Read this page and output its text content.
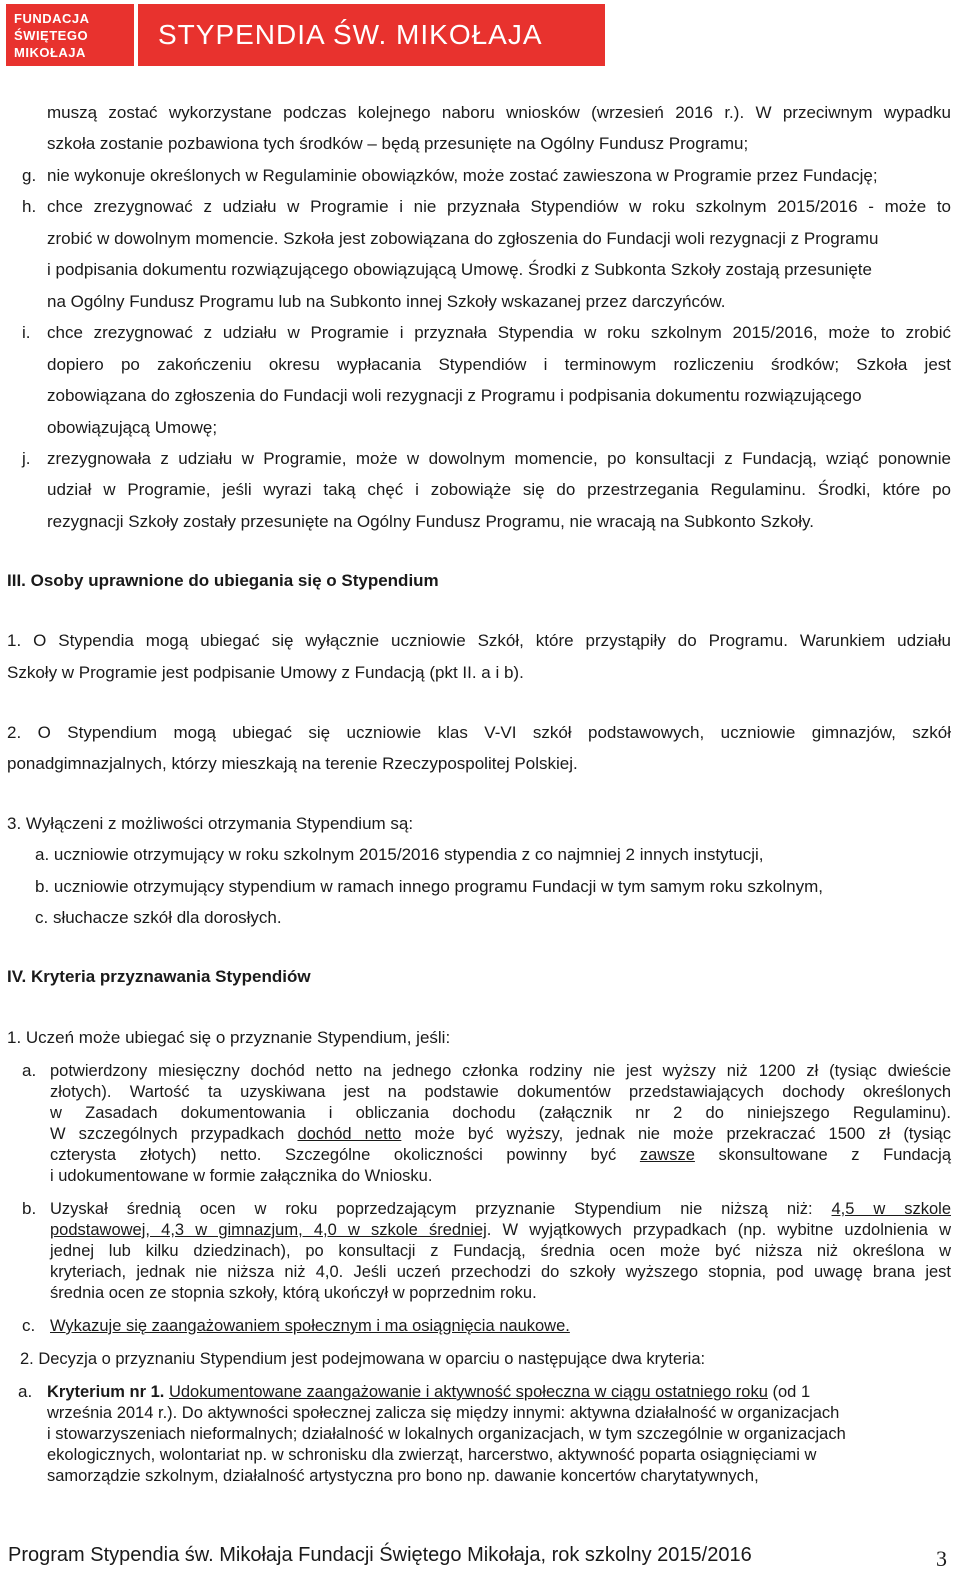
FUNDACJA
ŚWIĘTEGO
MIKOŁAJA
STYPENDIA ŚW. MIKOŁAJA
muszą zostać wykorzystane podczas kolejnego naboru wniosków (wrzesień 2016 r.). W przeciwnym wypadku
szkoła zostanie pozbawiona tych środków – będą przesunięte na Ogólny Fundusz Programu;
g. nie wykonuje określonych w Regulaminie obowiązków, może zostać zawieszona w Programie przez Fundację;
h. chce zrezygnować z udziału w Programie i nie przyznała Stypendiów w roku szkolnym 2015/2016 - może to
zrobić w dowolnym momencie. Szkoła jest zobowiązana do zgłoszenia do Fundacji woli rezygnacji z Programu
i podpisania dokumentu rozwiązującego obowiązującą Umowę. Środki z Subkonta Szkoły zostają przesunięte
na Ogólny Fundusz Programu lub na Subkonto innej Szkoły wskazanej przez darczyńców.
i. chce zrezygnować z udziału w Programie i przyznała Stypendia w roku szkolnym 2015/2016, może to zrobić
dopiero po zakończeniu okresu wypłacania Stypendiów i terminowym rozliczeniu środków; Szkoła jest
zobowiązana do zgłoszenia do Fundacji woli rezygnacji z Programu i podpisania dokumentu rozwiązującego
obowiązującą Umowę;
j. zrezygnowała z udziału w Programie, może w dowolnym momencie, po konsultacji z Fundacją, wziąć ponownie
udział w Programie, jeśli wyrazi taką chęć i zobowiąże się do przestrzegania Regulaminu. Środki, które po
rezygnacji Szkoły zostały przesunięte na Ogólny Fundusz Programu, nie wracają na Subkonto Szkoły.
III. Osoby uprawnione do ubiegania się o Stypendium
1. O Stypendia mogą ubiegać się wyłącznie uczniowie Szkół, które przystąpiły do Programu. Warunkiem udziału
Szkoły w Programie jest podpisanie Umowy z Fundacją (pkt II. a i b).
2. O Stypendium mogą ubiegać się uczniowie klas V-VI szkół podstawowych, uczniowie gimnazjów, szkół
ponadgimnazjalnych, którzy mieszkają na terenie Rzeczypospolitej Polskiej.
3. Wyłączeni z możliwości otrzymania Stypendium są:
a. uczniowie otrzymujący w roku szkolnym 2015/2016 stypendia z co najmniej 2 innych instytucji,
b. uczniowie otrzymujący stypendium w ramach innego programu Fundacji w tym samym roku szkolnym,
c. słuchacze szkół dla dorosłych.
IV. Kryteria przyznawania Stypendiów
1. Uczeń może ubiegać się o przyznanie Stypendium, jeśli:
a. potwierdzony miesięczny dochód netto na jednego członka rodziny nie jest wyższy niż 1200 zł (tysiąc dwieście
złotych). Wartość ta uzyskiwana jest na podstawie dokumentów przedstawiających dochody określonych
w Zasadach dokumentowania i obliczania dochodu (załącznik nr 2 do niniejszego Regulaminu).
W szczególnych przypadkach dochód netto może być wyższy, jednak nie może przekraczać 1500 zł (tysiąc
czterysta złotych) netto. Szczególne okoliczności powinny być zawsze skonsultowane z Fundacją
i udokumentowane w formie załącznika do Wniosku.
b. Uzyskał średnią ocen w roku poprzedzającym przyznanie Stypendium nie niższą niż: 4,5 w szkole
podstawowej, 4,3 w gimnazjum, 4,0 w szkole średniej. W wyjątkowych przypadkach (np. wybitne uzdolnienia w
jednej lub kilku dziedzinach), po konsultacji z Fundacją, średnia ocen może być niższa niż określona w
kryteriach, jednak nie niższa niż 4,0. Jeśli uczeń przechodzi do szkoły wyższego stopnia, pod uwagę brana jest
średnia ocen ze stopnia szkoły, którą ukończył w poprzednim roku.
c. Wykazuje się zaangażowaniem społecznym i ma osiągnięcia naukowe.
2. Decyzja o przyznaniu Stypendium jest podejmowana w oparciu o następujące dwa kryteria:
a. Kryterium nr 1. Udokumentowane zaangażowanie i aktywność społeczna w ciągu ostatniego roku (od 1
września 2014 r.). Do aktywności społecznej zalicza się między innymi: aktywna działalność w organizacjach
i stowarzyszeniach nieformalnych; działalność w lokalnych organizacjach, w tym szczególnie w organizacjach
ekologicznych, wolontariat np. w schronisku dla zwierząt, harcerstwo, aktywność poparta osiągnięciami w
samorządzie szkolnym, działalność artystyczna pro bono np. dawanie koncertów charytatywnych,
Program Stypendia św. Mikołaja Fundacji Świętego Mikołaja, rok szkolny 2015/2016	3
